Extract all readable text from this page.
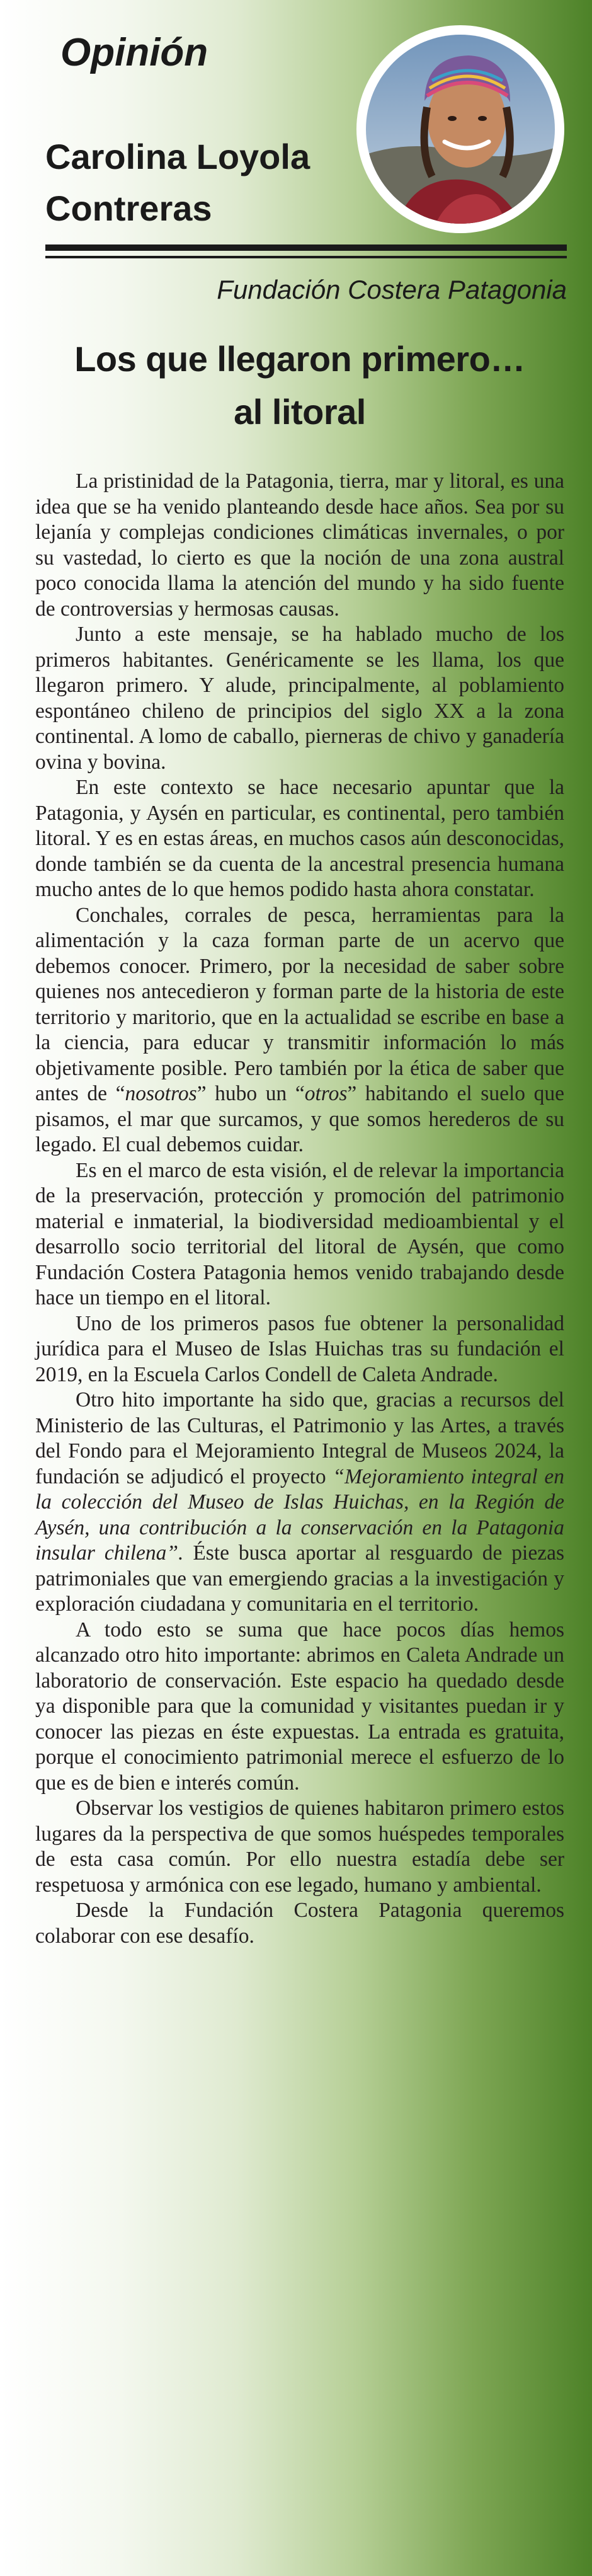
Opinión
Carolina Loyola
Contreras
Fundación Costera Patagonia
Los que llegaron primero…
al litoral

La pristinidad de la Patagonia, tierra, mar y litoral, es una idea que se ha venido planteando desde hace años. Sea por su lejanía y complejas condiciones climáticas invernales, o por su vastedad, lo cierto es que la noción de una zona austral poco conocida llama la atención del mundo y ha sido fuente de controversias y hermosas causas.

Junto a este mensaje, se ha hablado mucho de los primeros habitantes. Genéricamente se les llama, los que llegaron primero. Y alude, principalmente, al poblamiento espontáneo chileno de principios del siglo XX a la zona continental. A lomo de caballo, pierneras de chivo y ganadería ovina y bovina.

En este contexto se hace necesario apuntar que la Patagonia, y Aysén en particular, es continental, pero también litoral. Y es en estas áreas, en muchos casos aún desconocidas, donde también se da cuenta de la ancestral presencia humana mucho antes de lo que hemos podido hasta ahora constatar.

Conchales, corrales de pesca, herramientas para la alimentación y la caza forman parte de un acervo que debemos conocer. Primero, por la necesidad de saber sobre quienes nos antecedieron y forman parte de la historia de este territorio y maritorio, que en la actualidad se escribe en base a la ciencia, para educar y transmitir información lo más objetivamente posible. Pero también por la ética de saber que antes de “nosotros” hubo un “otros” habitando el suelo que pisamos, el mar que surcamos, y que somos herederos de su legado. El cual debemos cuidar.

Es en el marco de esta visión, el de relevar la importancia de la preservación, protección y promoción del patrimonio material e inmaterial, la biodiversidad medioambiental y el desarrollo socio territorial del litoral de Aysén, que como Fundación Costera Patagonia hemos venido trabajando desde hace un tiempo en el litoral.

Uno de los primeros pasos fue obtener la personalidad jurídica para el Museo de Islas Huichas tras su fundación el 2019, en la Escuela Carlos Condell de Caleta Andrade.

Otro hito importante ha sido que, gracias a recursos del Ministerio de las Culturas, el Patrimonio y las Artes, a través del Fondo para el Mejoramiento Integral de Museos 2024, la fundación se adjudicó el proyecto “Mejoramiento integral en la colección del Museo de Islas Huichas, en la Región de Aysén, una contribución a la conservación en la Patagonia insular chilena”. Éste busca aportar al resguardo de piezas patrimoniales que van emergiendo gracias a la investigación y exploración ciudadana y comunitaria en el territorio.

A todo esto se suma que hace pocos días hemos alcanzado otro hito importante: abrimos en Caleta Andrade un laboratorio de conservación. Este espacio ha quedado desde ya disponible para que la comunidad y visitantes puedan ir y conocer las piezas en éste expuestas. La entrada es gratuita, porque el conocimiento patrimonial merece el esfuerzo de lo que es de bien e interés común.

Observar los vestigios de quienes habitaron primero estos lugares da la perspectiva de que somos huéspedes temporales de esta casa común. Por ello nuestra estadía debe ser respetuosa y armónica con ese legado, humano y ambiental.

Desde la Fundación Costera Patagonia queremos colaborar con ese desafío.
